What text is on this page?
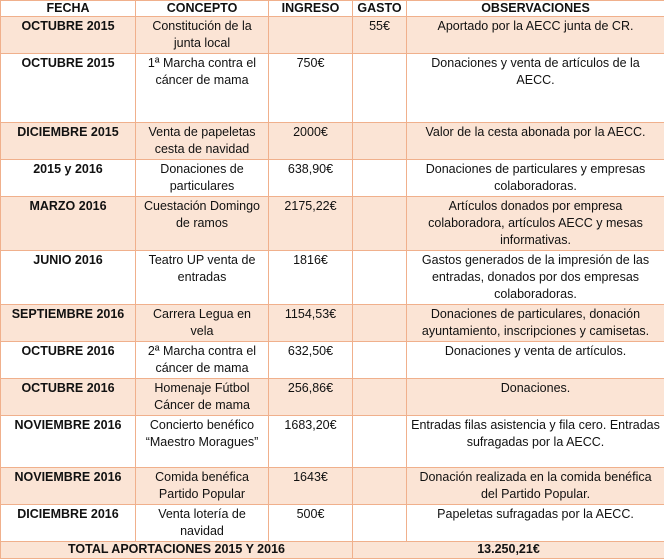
FECHA	CONCEPTO	INGRESO	GASTO	OBSERVACIONES
OCTUBRE 2015	Constitución de la junta local		55€	Aportado por la AECC junta de CR.
OCTUBRE 2015	1ª Marcha contra el cáncer de mama	750€		Donaciones y venta de artículos de la AECC.
DICIEMBRE 2015	Venta de papeletas cesta de navidad	2000€		Valor de la cesta abonada por la AECC.
2015 y 2016	Donaciones de particulares	638,90€		Donaciones de particulares y empresas colaboradoras.
MARZO 2016	Cuestación Domingo de ramos	2175,22€		Artículos donados por empresa colaboradora, artículos AECC y mesas informativas.
JUNIO 2016	Teatro UP venta de entradas	1816€		Gastos generados de la impresión de las entradas, donados por dos empresas colaboradoras.
SEPTIEMBRE 2016	Carrera Legua en vela	1154,53€		Donaciones de particulares, donación ayuntamiento, inscripciones y camisetas.
OCTUBRE 2016	2ª Marcha contra el cáncer de mama	632,50€		Donaciones y venta de artículos.
OCTUBRE 2016	Homenaje Fútbol Cáncer de mama	256,86€		Donaciones.
NOVIEMBRE 2016	Concierto benéfico “Maestro Moragues”	1683,20€		Entradas filas asistencia y fila cero. Entradas sufragadas por la AECC.
NOVIEMBRE 2016	Comida benéfica Partido Popular	1643€		Donación realizada en la comida benéfica del Partido Popular.
DICIEMBRE 2016	Venta lotería de navidad	500€		Papeletas sufragadas por la AECC.
TOTAL APORTACIONES 2015 Y 2016			13.250,21€	
